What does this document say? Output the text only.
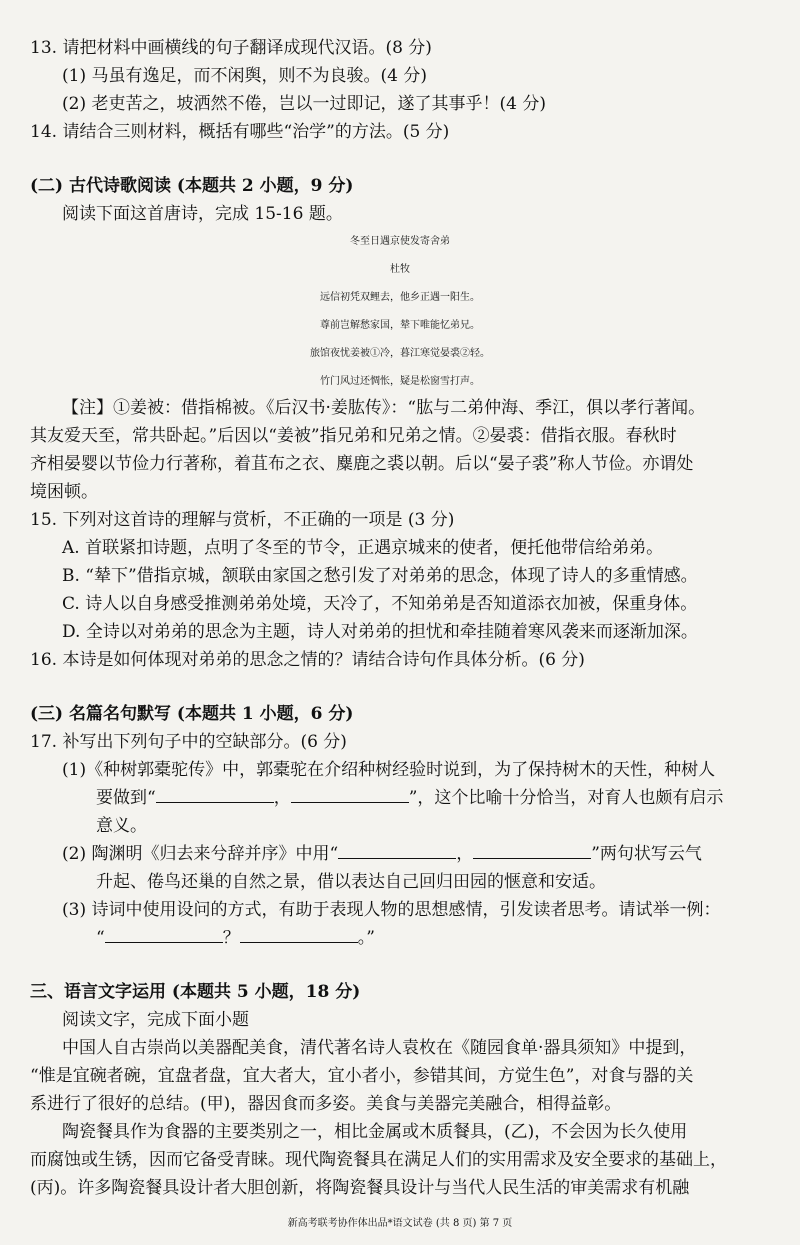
13. 请把材料中画横线的句子翻译成现代汉语。(8 分)
(1) 马虽有逸足，而不闲舆，则不为良骏。(4 分)
(2) 老吏苦之，坡洒然不倦，岂以一过即记，遂了其事乎！(4 分)
14. 请结合三则材料，概括有哪些“治学”的方法。(5 分)
(二) 古代诗歌阅读 (本题共 2 小题，9 分)
阅读下面这首唐诗，完成 15-16 题。
冬至日遇京使发寄舍弟
杜牧
远信初凭双鲤去，他乡正遇一阳生。
尊前岂解愁家国，辇下唯能忆弟兄。
旅馆夜忧姜被①冷，暮江寒觉晏裘②轻。
竹门风过还惆怅，疑是松窗雪打声。
【注】①姜被：借指棉被。《后汉书·姜肱传》：“肱与二弟仲海、季江，俱以孝行著闻。
其友爱天至，常共卧起。”后因以“姜被”指兄弟和兄弟之情。②晏裘：借指衣服。春秋时
齐相晏婴以节俭力行著称，着苴布之衣、麋鹿之裘以朝。后以“晏子裘”称人节俭。亦谓处
境困顿。
15. 下列对这首诗的理解与赏析，不正确的一项是 (3 分)
A. 首联紧扣诗题，点明了冬至的节令，正遇京城来的使者，便托他带信给弟弟。
B. “辇下”借指京城，颔联由家国之愁引发了对弟弟的思念，体现了诗人的多重情感。
C. 诗人以自身感受推测弟弟处境，天冷了，不知弟弟是否知道添衣加被，保重身体。
D. 全诗以对弟弟的思念为主题，诗人对弟弟的担忧和牵挂随着寒风袭来而逐渐加深。
16. 本诗是如何体现对弟弟的思念之情的？请结合诗句作具体分析。(6 分)
(三) 名篇名句默写 (本题共 1 小题，6 分)
17. 补写出下列句子中的空缺部分。(6 分)
(1)《种树郭橐驼传》中，郭橐驼在介绍种树经验时说到，为了保持树木的天性，种树人
要做到“	，	”，这个比喻十分恰当，对育人也颇有启示
意义。
(2) 陶渊明《归去来兮辞并序》中用“	，	”两句状写云气
升起、倦鸟还巢的自然之景，借以表达自己回归田园的惬意和安适。
(3) 诗词中使用设问的方式，有助于表现人物的思想感情，引发读者思考。请试举一例：
“	？	。”
三、语言文字运用 (本题共 5 小题，18 分)
阅读文字，完成下面小题
中国人自古崇尚以美器配美食，清代著名诗人袁枚在《随园食单·器具须知》中提到，
“惟是宜碗者碗，宜盘者盘，宜大者大，宜小者小，参错其间，方觉生色”，对食与器的关
系进行了很好的总结。(甲)，器因食而多姿。美食与美器完美融合，相得益彰。
陶瓷餐具作为食器的主要类别之一，相比金属或木质餐具，(乙)，不会因为长久使用
而腐蚀或生锈，因而它备受青睐。现代陶瓷餐具在满足人们的实用需求及安全要求的基础上，
(丙)。许多陶瓷餐具设计者大胆创新，将陶瓷餐具设计与当代人民生活的审美需求有机融
新高考联考协作体出品*语文试卷 (共 8 页) 第 7 页
